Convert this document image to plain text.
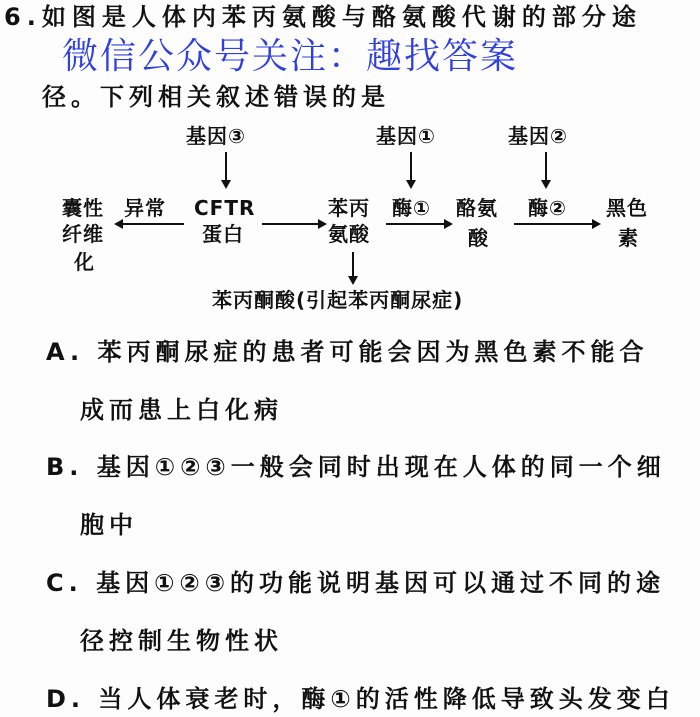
6.如图是人体内苯丙氨酸与酪氨酸代谢的部分途
微信公众号关注：趣找答案
径。下列相关叙述错误的是
基因③	基因①	基因②
囊性
纤维
化
异常 CFTR
蛋白
苯丙
氨酸
酶① 酪氨
酸
酶② 黑色
素
苯丙酮酸(引起苯丙酮尿症)
A. 苯丙酮尿症的患者可能会因为黑色素不能合
成而患上白化病
B. 基因①②③一般会同时出现在人体的同一个细
胞中
C. 基因①②③的功能说明基因可以通过不同的途
径控制生物性状
D. 当人体衰老时，酶①的活性降低导致头发变白
